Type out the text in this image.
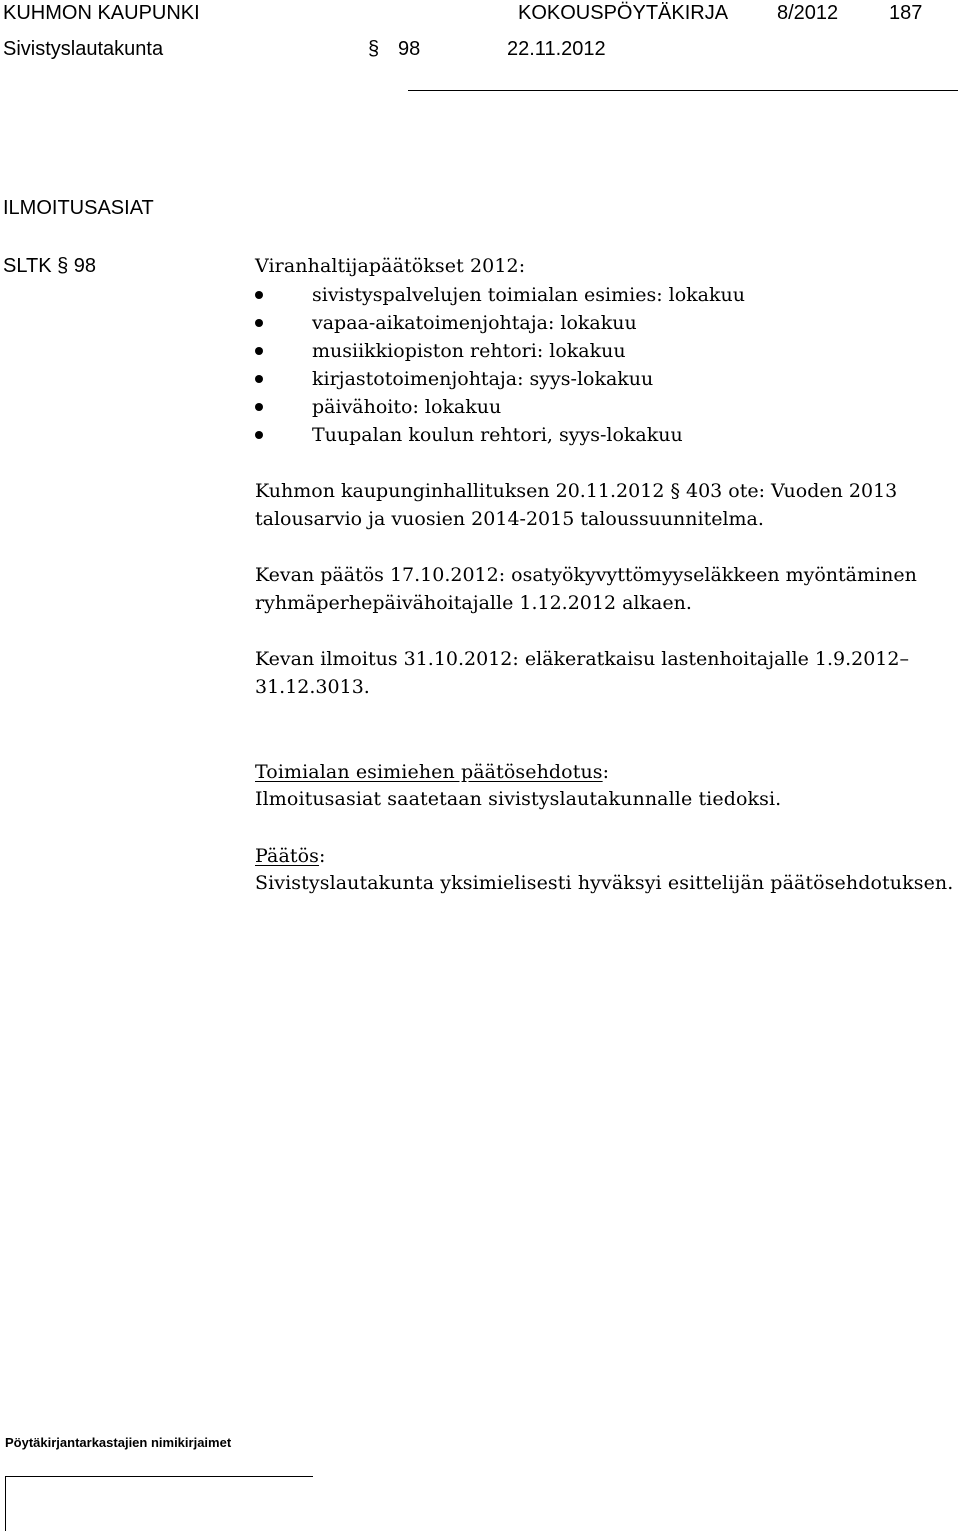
KUHMON KAUPUNKI	KOKOUSPÖYTÄKIRJA 8/2012	187
Sivistyslautakunta	§ 98	22.11.2012
ILMOITUSASIAT
SLTK § 98	Viranhaltijapäätökset 2012:
sivistyspalvelujen toimialan esimies: lokakuu
vapaa-aikatoimenjohtaja: lokakuu
musiikkiopiston rehtori: lokakuu
kirjastotoimenjohtaja: syys-lokakuu
päivähoito: lokakuu
Tuupalan koulun rehtori, syys-lokakuu
Kuhmon kaupunginhallituksen 20.11.2012 § 403 ote: Vuoden 2013 talousarvio ja vuosien 2014-2015 taloussuunnitelma.
Kevan päätös 17.10.2012: osatyökyvyttömyyseläkkeen myöntäminen ryhmäperhepäivähoitajalle 1.12.2012 alkaen.
Kevan ilmoitus 31.10.2012: eläkeratkaisu lastenhoitajalle 1.9.2012–31.12.3013.
Toimialan esimiehen päätösehdotus:
Ilmoitusasiat saatetaan sivistyslautakunnalle tiedoksi.
Päätös:
Sivistyslautakunta yksimielisesti hyväksyi esittelijän päätösehdotuksen.
Pöytäkirjantarkastajien nimikirjaimet
